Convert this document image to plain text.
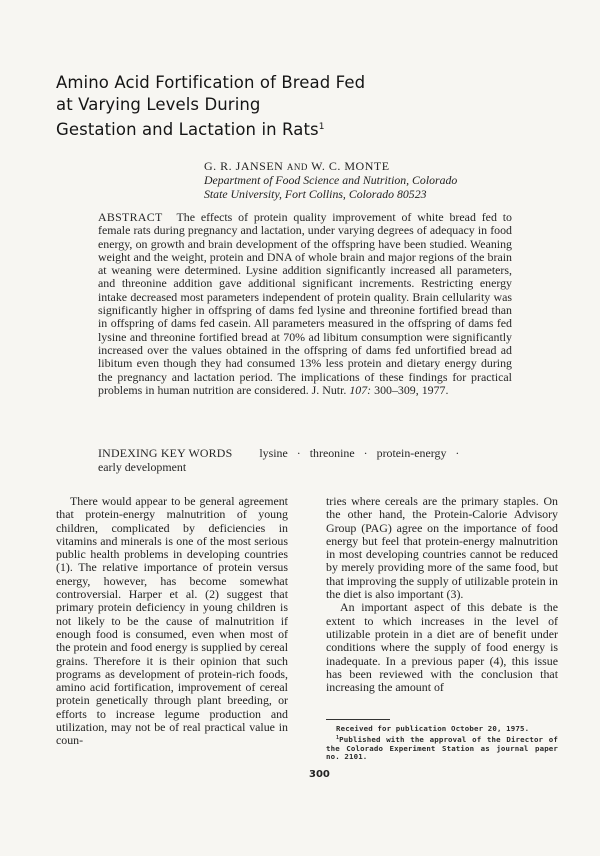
Amino Acid Fortification of Bread Fed
at Varying Levels During
Gestation and Lactation in Rats$^1$
G. R. JANSEN AND W. C. MONTE
Department of Food Science and Nutrition, Colorado
State University, Fort Collins, Colorado 80523
ABSTRACT The effects of protein quality improvement of white bread fed to female rats during pregnancy and lactation, under varying degrees of adequacy in food energy, on growth and brain development of the offspring have been studied. Weaning weight and the weight, protein and DNA of whole brain and major regions of the brain at weaning were determined. Lysine addition significantly increased all parameters, and threonine addition gave additional significant increments. Restricting energy intake decreased most parameters independent of protein quality. Brain cellularity was significantly higher in offspring of dams fed lysine and threonine fortified bread than in offspring of dams fed casein. All parameters measured in the offspring of dams fed lysine and threonine fortified bread at 70% ad libitum consumption were significantly increased over the values obtained in the offspring of dams fed unfortified bread ad libitum even though they had consumed 13% less protein and dietary energy during the pregnancy and lactation period. The implications of these findings for practical problems in human nutrition are considered. J. Nutr. 107: 300–309, 1977.
INDEXING KEY WORDS lysine · threonine · protein-energy ·
early development

There would appear to be general agreement that protein-energy malnutrition of young children, complicated by deficiencies in vitamins and minerals is one of the most serious public health problems in developing countries (1). The relative importance of protein versus energy, however, has become somewhat controversial. Harper et al. (2) suggest that primary protein deficiency in young children is not likely to be the cause of malnutrition if enough food is consumed, even when most of the protein and food energy is supplied by cereal grains. Therefore it is their opinion that such programs as development of protein-rich foods, amino acid fortification, improvement of cereal protein genetically through plant breeding, or efforts to increase legume production and utilization, may not be of real practical value in coun-

tries where cereals are the primary staples. On the other hand, the Protein-Calorie Advisory Group (PAG) agree on the importance of food energy but feel that protein-energy malnutrition in most developing countries cannot be reduced by merely providing more of the same food, but that improving the supply of utilizable protein in the diet is also important (3).

An important aspect of this debate is the extent to which increases in the level of utilizable protein in a diet are of benefit under conditions where the supply of food energy is inadequate. In a previous paper (4), this issue has been reviewed with the conclusion that increasing the amount of

Received for publication October 20, 1975.

$^1$Published with the approval of the Director of the Colorado Experiment Station as journal paper no. 2101.

300
